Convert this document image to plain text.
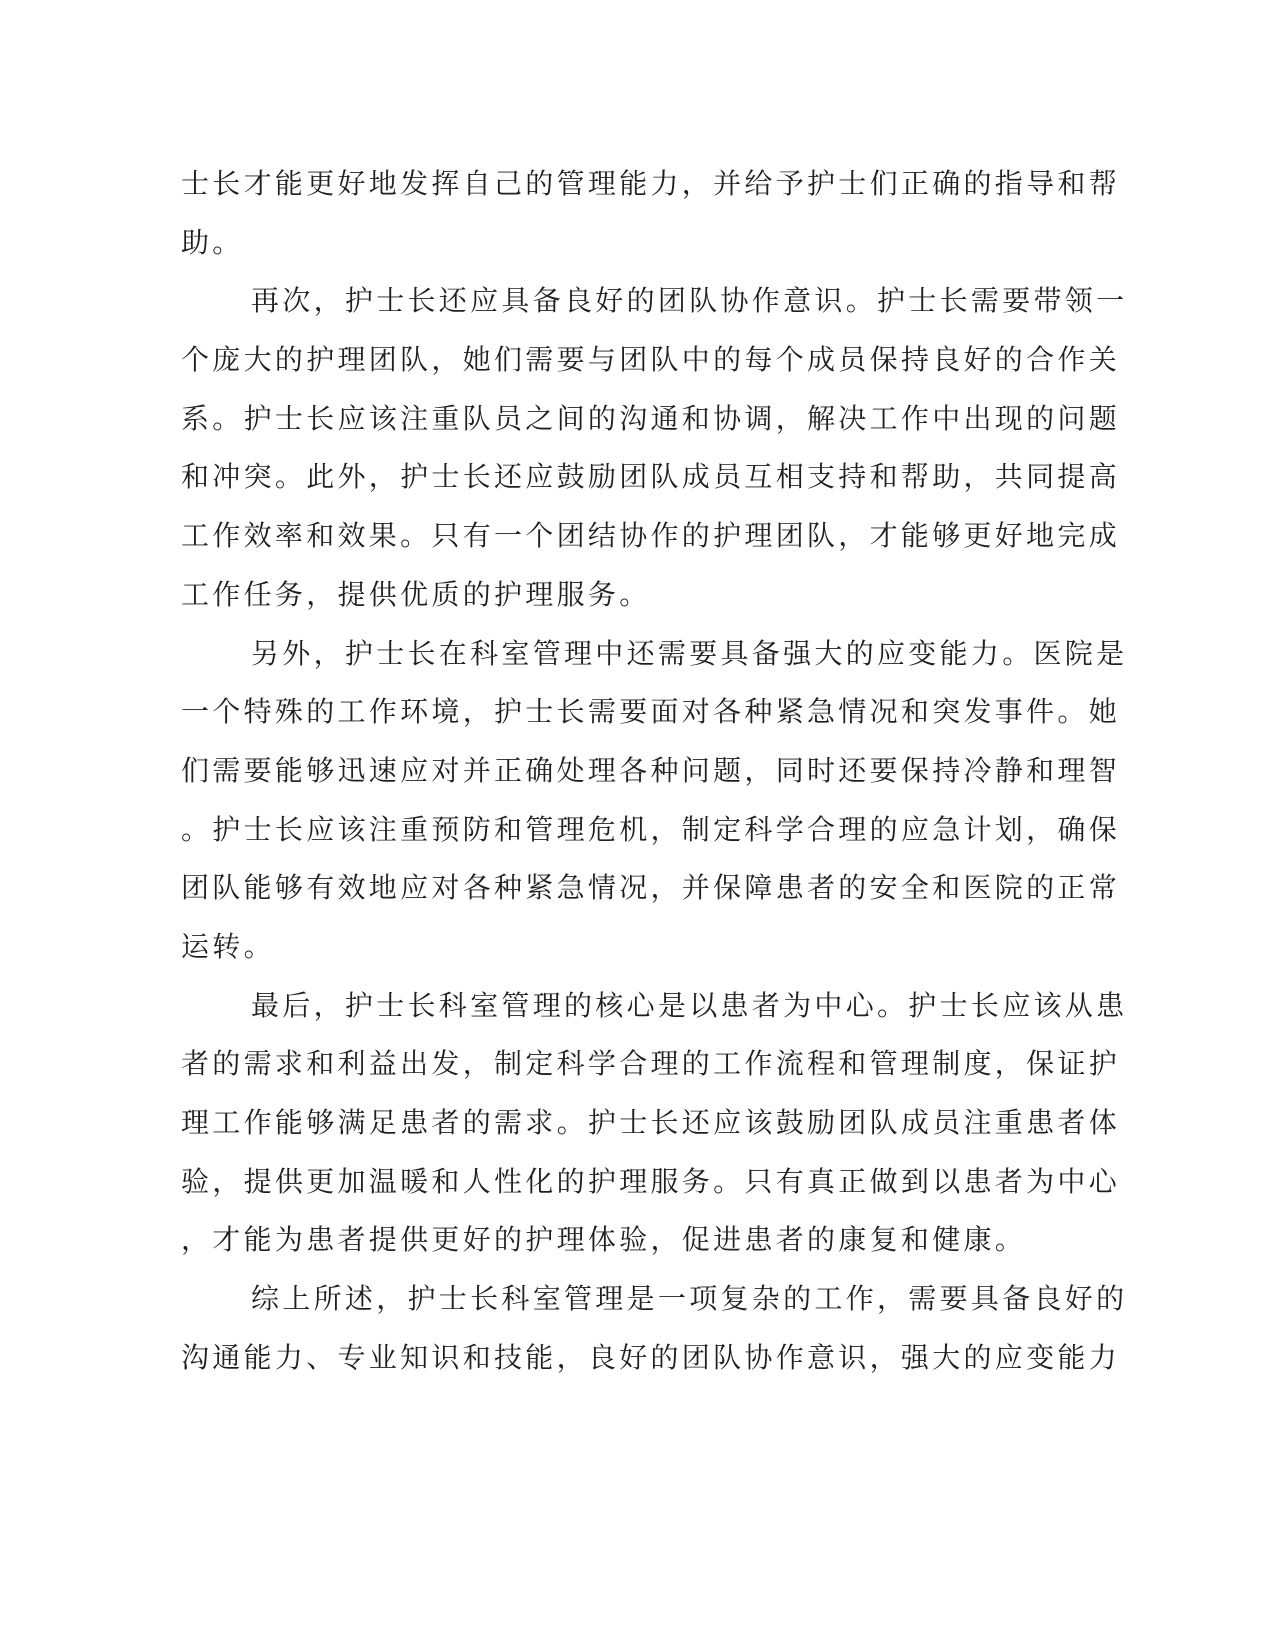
士长才能更好地发挥自己的管理能力，并给予护士们正确的指导和帮
助。
再次，护士长还应具备良好的团队协作意识。护士长需要带领一
个庞大的护理团队，她们需要与团队中的每个成员保持良好的合作关
系。护士长应该注重队员之间的沟通和协调，解决工作中出现的问题
和冲突。此外，护士长还应鼓励团队成员互相支持和帮助，共同提高
工作效率和效果。只有一个团结协作的护理团队，才能够更好地完成
工作任务，提供优质的护理服务。
另外，护士长在科室管理中还需要具备强大的应变能力。医院是
一个特殊的工作环境，护士长需要面对各种紧急情况和突发事件。她
们需要能够迅速应对并正确处理各种问题，同时还要保持冷静和理智
。护士长应该注重预防和管理危机，制定科学合理的应急计划，确保
团队能够有效地应对各种紧急情况，并保障患者的安全和医院的正常
运转。
最后，护士长科室管理的核心是以患者为中心。护士长应该从患
者的需求和利益出发，制定科学合理的工作流程和管理制度，保证护
理工作能够满足患者的需求。护士长还应该鼓励团队成员注重患者体
验，提供更加温暖和人性化的护理服务。只有真正做到以患者为中心
，才能为患者提供更好的护理体验，促进患者的康复和健康。
综上所述，护士长科室管理是一项复杂的工作，需要具备良好的
沟通能力、专业知识和技能，良好的团队协作意识，强大的应变能力
